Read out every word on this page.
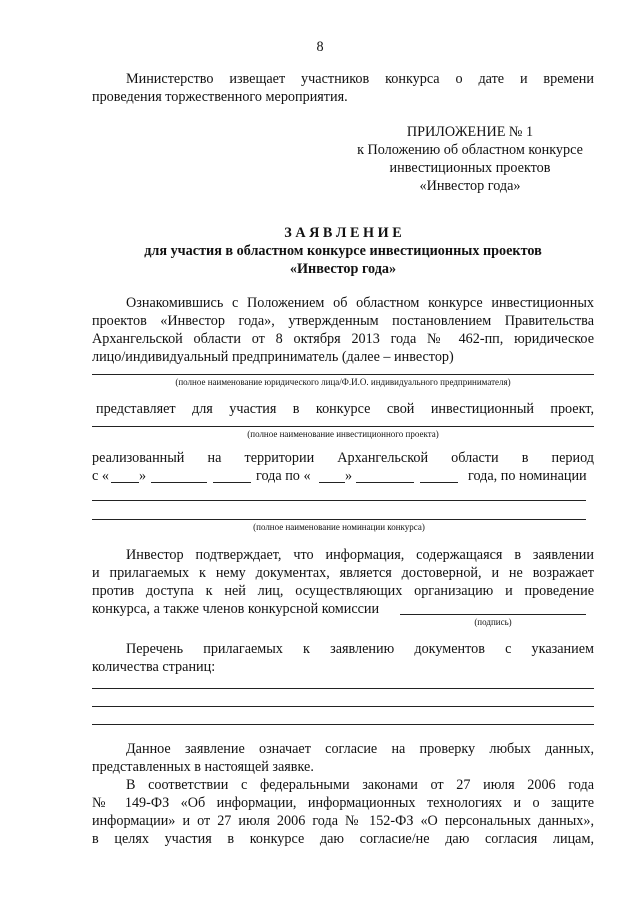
8
Министерство извещает участников конкурса о дате и времени
проведения торжественного мероприятия.
ПРИЛОЖЕНИЕ № 1
к Положению об областном конкурсе
инвестиционных проектов
«Инвестор года»
З А Я В Л Е Н И Е
для участия в областном конкурсе инвестиционных проектов
«Инвестор года»
Ознакомившись с Положением об областном конкурсе инвестиционных
проектов «Инвестор года», утвержденным постановлением Правительства
Архангельской области от 8 октября 2013 года № 462-пп, юридическое
лицо/индивидуальный предприниматель (далее – инвестор)
(полное наименование юридического лица/Ф.И.О. индивидуального предпринимателя)
представляет для участия в конкурсе свой инвестиционный проект,
(полное наименование инвестиционного проекта)
реализованный на территории Архангельской области в период
с « »	года по « »	года, по номинации
(полное наименование номинации конкурса)
Инвестор подтверждает, что информация, содержащаяся в заявлении
и прилагаемых к нему документах, является достоверной, и не возражает
против доступа к ней лиц, осуществляющих организацию и проведение
конкурса, а также членов конкурсной комиссии
(подпись)
Перечень прилагаемых к заявлению документов с указанием
количества страниц:
Данное заявление означает согласие на проверку любых данных,
представленных в настоящей заявке.
В соответствии с федеральными законами от 27 июля 2006 года
№ 149-ФЗ «Об информации, информационных технологиях и о защите
информации» и от 27 июля 2006 года № 152-ФЗ «О персональных данных»,
в целях участия в конкурсе даю согласие/не даю согласия лицам,
